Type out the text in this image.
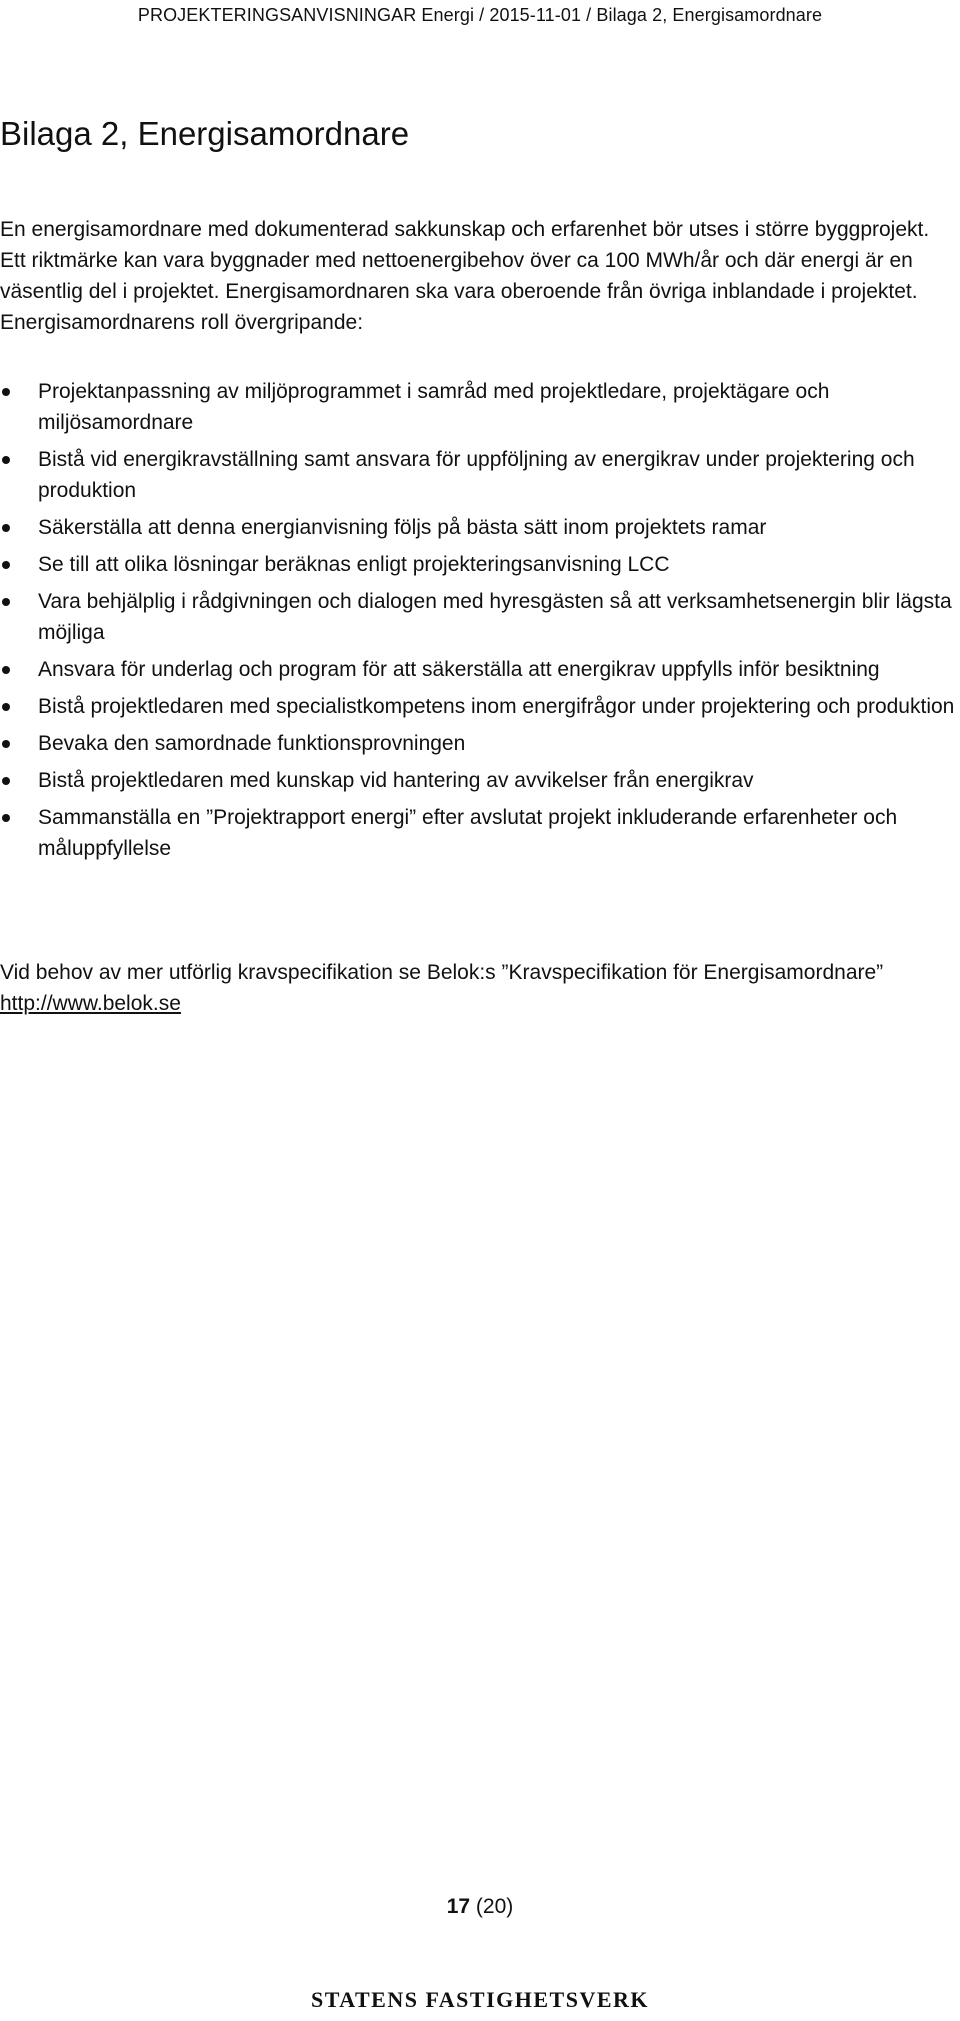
PROJEKTERINGSANVISNINGAR Energi / 2015-11-01 / Bilaga 2, Energisamordnare
Bilaga 2, Energisamordnare

En energisamordnare med dokumenterad sakkunskap och erfarenhet bör utses i större byggprojekt. Ett riktmärke kan vara byggnader med nettoenergibehov över ca 100 MWh/år och där energi är en väsentlig del i projektet. Energisamordnaren ska vara oberoende från övriga inblandade i projektet. Energisamordnarens roll övergripande:

Projektanpassning av miljöprogrammet i samråd med projektledare, projektägare och miljösamordnare
Bistå vid energikravställning samt ansvara för uppföljning av energikrav under projektering och produktion
Säkerställa att denna energianvisning följs på bästa sätt inom projektets ramar
Se till att olika lösningar beräknas enligt projekteringsanvisning LCC
Vara behjälplig i rådgivningen och dialogen med hyresgästen så att verksamhetsenergin blir lägsta möjliga
Ansvara för underlag och program för att säkerställa att energikrav uppfylls inför besiktning
Bistå projektledaren med specialistkompetens inom energifrågor under projektering och produktion
Bevaka den samordnade funktionsprovningen
Bistå projektledaren med kunskap vid hantering av avvikelser från energikrav
Sammanställa en ”Projektrapport energi” efter avslutat projekt inkluderande erfarenheter och måluppfyllelse

Vid behov av mer utförlig kravspecifikation se Belok:s ”Kravspecifikation för Energisamordnare” http://www.belok.se

17 (20)
STATENS FASTIGHETSVERK
